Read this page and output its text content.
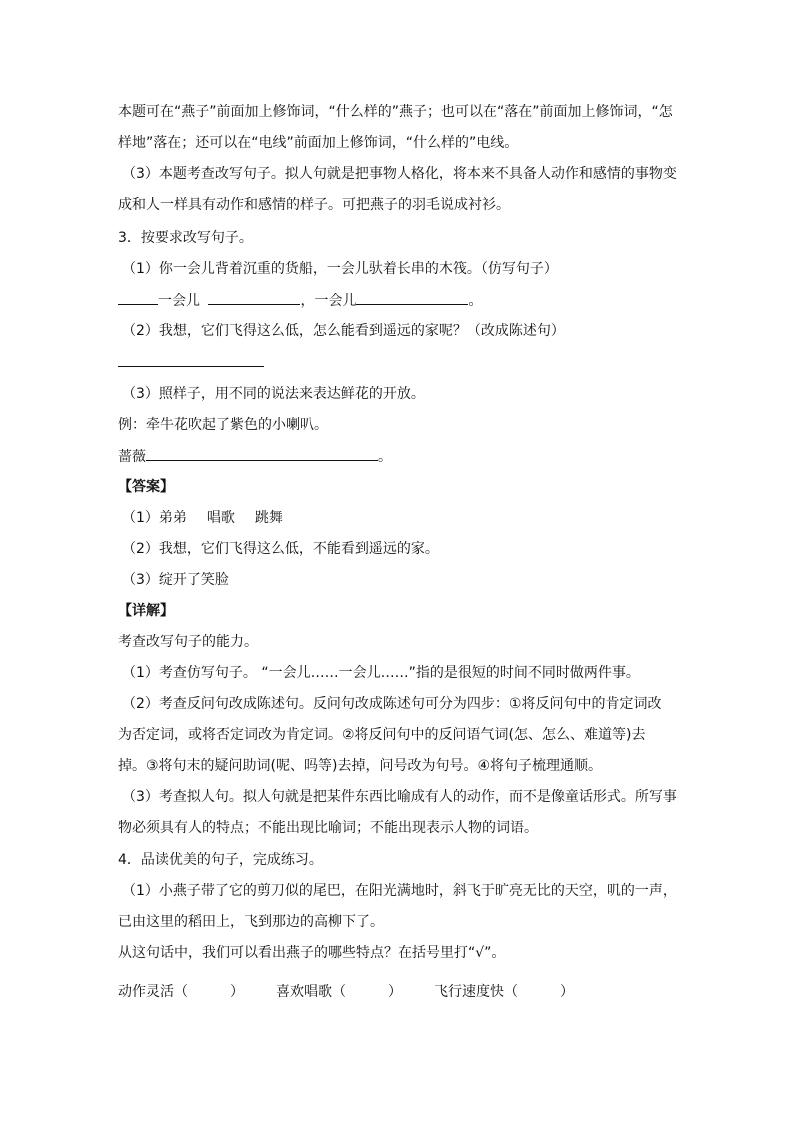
本题可在“燕子”前面加上修饰词，“什么样的”燕子；也可以在“落在”前面加上修饰词，“怎
样地”落在；还可以在“电线”前面加上修饰词，“什么样的”电线。
（3）本题考查改写句子。拟人句就是把事物人格化，将本来不具备人动作和感情的事物变
成和人一样具有动作和感情的样子。可把燕子的羽毛说成衬衫。
3．按要求改写句子。
（1）你一会儿背着沉重的货船，一会儿驮着长串的木筏。（仿写句子）
一会儿	，一会儿	。
（2）我想，它们飞得这么低，怎么能看到遥远的家呢？（改成陈述句）
（3）照样子，用不同的说法来表达鲜花的开放。
例：牵牛花吹起了紫色的小喇叭。
蔷薇	。
【答案】
（1）弟弟 唱歌 跳舞
（2）我想，它们飞得这么低，不能看到遥远的家。
（3）绽开了笑脸
【详解】
考查改写句子的能力。
（1）考查仿写句子。 “一会儿……一会儿……”指的是很短的时间不同时做两件事。
（2）考查反问句改成陈述句。反问句改成陈述句可分为四步：①将反问句中的肯定词改
为否定词，或将否定词改为肯定词。②将反问句中的反问语气词(怎、怎么、难道等)去
掉。③将句末的疑问助词(呢、吗等)去掉，问号改为句号。④将句子梳理通顺。
（3）考查拟人句。拟人句就是把某件东西比喻成有人的动作，而不是像童话形式。所写事
物必须具有人的特点；不能出现比喻词；不能出现表示人物的词语。
4．品读优美的句子，完成练习。
（1）小燕子带了它的剪刀似的尾巴，在阳光满地时，斜飞于旷亮无比的天空，叽的一声，
已由这里的稻田上，飞到那边的高柳下了。
从这句话中，我们可以看出燕子的哪些特点？在括号里打“√”。
动作灵活（　　　） 喜欢唱歌（　　　） 飞行速度快（　　　）
